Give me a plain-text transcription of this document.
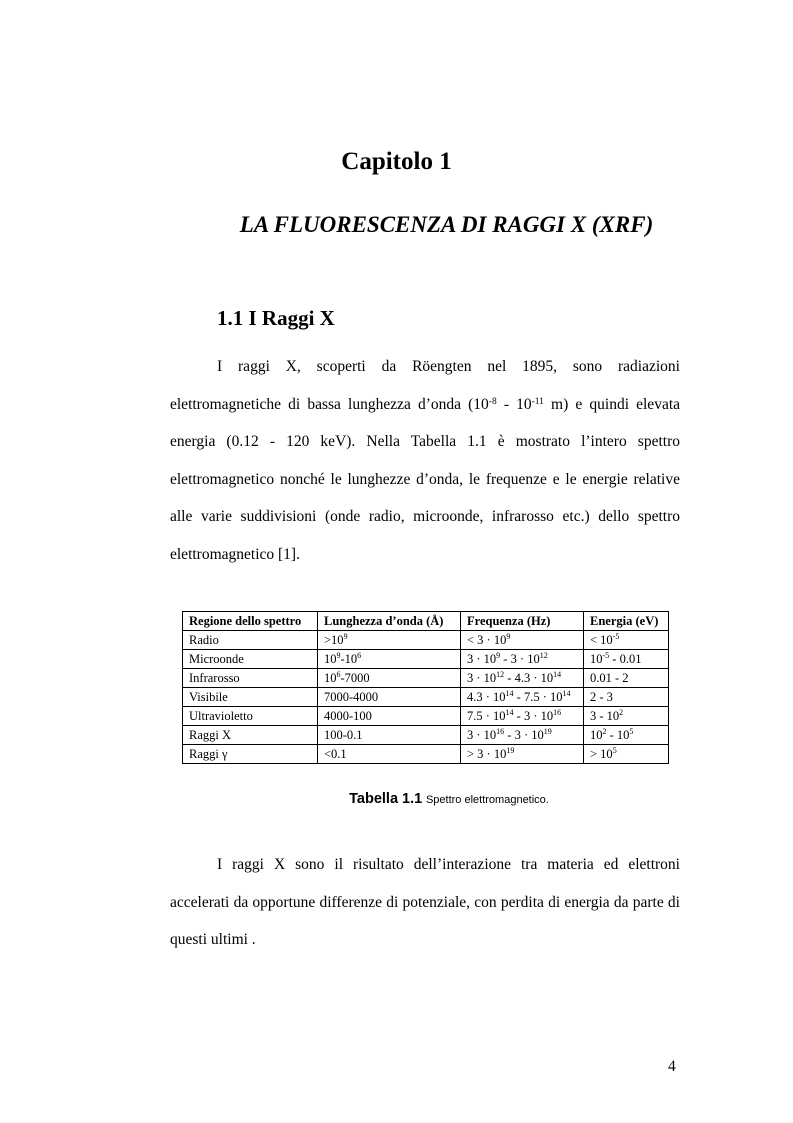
Capitolo 1
LA FLUORESCENZA DI RAGGI X (XRF)
1.1 I Raggi X
I raggi X, scoperti da Röengten nel 1895, sono radiazioni elettromagnetiche di bassa lunghezza d’onda ($10^{-8} - 10^{-11}$ m) e quindi elevata energia (0.12 - 120 keV). Nella Tabella 1.1 è mostrato l’intero spettro elettromagnetico nonché le lunghezze d’onda, le frequenze e le energie relative alle varie suddivisioni (onde radio, microonde, infrarosso etc.) dello spettro elettromagnetico [1].
Regione dello spettro	Lunghezza d’onda (Å)	Frequenza (Hz)	Energia (eV)
Radio	$>10^9$	< $3 \cdot 10^9$	< $10^{-5}$
Microonde	$10^9-10^6$	$3 \cdot 10^9 - 3 \cdot 10^{12}$	$10^{-5} - 0.01$
Infrarosso	$10^6-7000$	$3 \cdot 10^{12} - 4.3 \cdot 10^{14}$	0.01 - 2
Visibile	7000-4000	$4.3 \cdot 10^{14} - 7.5 \cdot 10^{14}$	2 - 3
Ultravioletto	4000-100	$7.5 \cdot 10^{14} - 3 \cdot 10^{16}$	$3 - 10^2$
Raggi X	100-0.1	$3 \cdot 10^{16} - 3 \cdot 10^{19}$	$10^2 - 10^5$
Raggi γ	<0.1	> $3 \cdot 10^{19}$	> $10^5$
Tabella 1.1 Spettro elettromagnetico.
I raggi X sono il risultato dell’interazione tra materia ed elettroni accelerati da opportune differenze di potenziale, con perdita di energia da parte di questi ultimi .
4
